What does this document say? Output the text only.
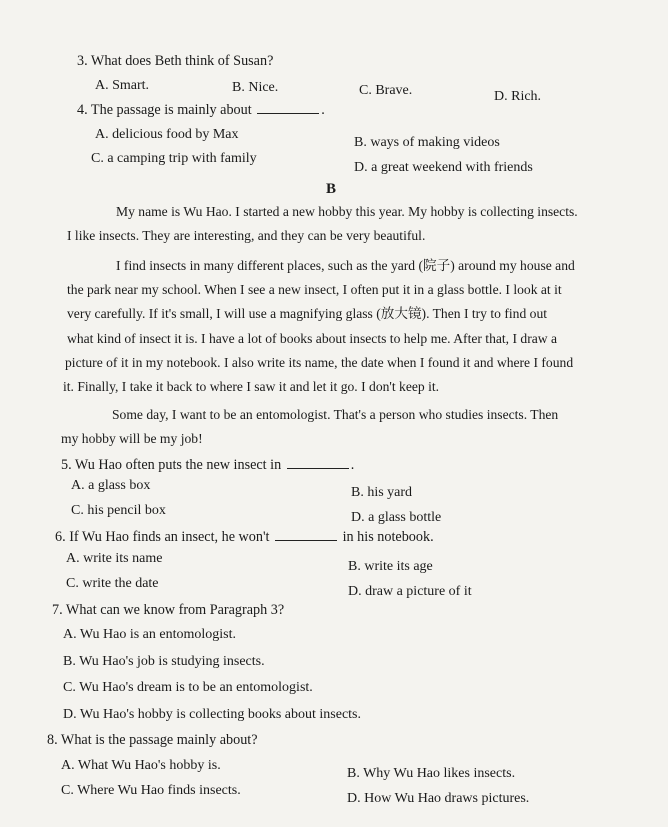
3. What does Beth think of Susan?
A. Smart.	B. Nice.	C. Brave.	D. Rich.
4. The passage is mainly about	.
A. delicious food by Max
B. ways of making videos
C. a camping trip with family
D. a great weekend with friends
B
My name is Wu Hao. I started a new hobby this year. My hobby is collecting insects.
I like insects. They are interesting, and they can be very beautiful.
I find insects in many different places, such as the yard (院子) around my house and
the park near my school. When I see a new insect, I often put it in a glass bottle. I look at it
very carefully. If it's small, I will use a magnifying glass (放大镜). Then I try to find out
what kind of insect it is. I have a lot of books about insects to help me. After that, I draw a
picture of it in my notebook. I also write its name, the date when I found it and where I found
it. Finally, I take it back to where I saw it and let it go. I don't keep it.
Some day, I want to be an entomologist. That's a person who studies insects. Then
my hobby will be my job!
5. Wu Hao often puts the new insect in	.
A. a glass box	B. his yard
C. his pencil box	D. a glass bottle
6. If Wu Hao finds an insect, he won't	in his notebook.
A. write its name
B. write its age
C. write the date
D. draw a picture of it
7. What can we know from Paragraph 3?
A. Wu Hao is an entomologist.
B. Wu Hao's job is studying insects.
C. Wu Hao's dream is to be an entomologist.
D. Wu Hao's hobby is collecting books about insects.
8. What is the passage mainly about?
A. What Wu Hao's hobby is.
B. Why Wu Hao likes insects.
C. Where Wu Hao finds insects.
D. How Wu Hao draws pictures.
